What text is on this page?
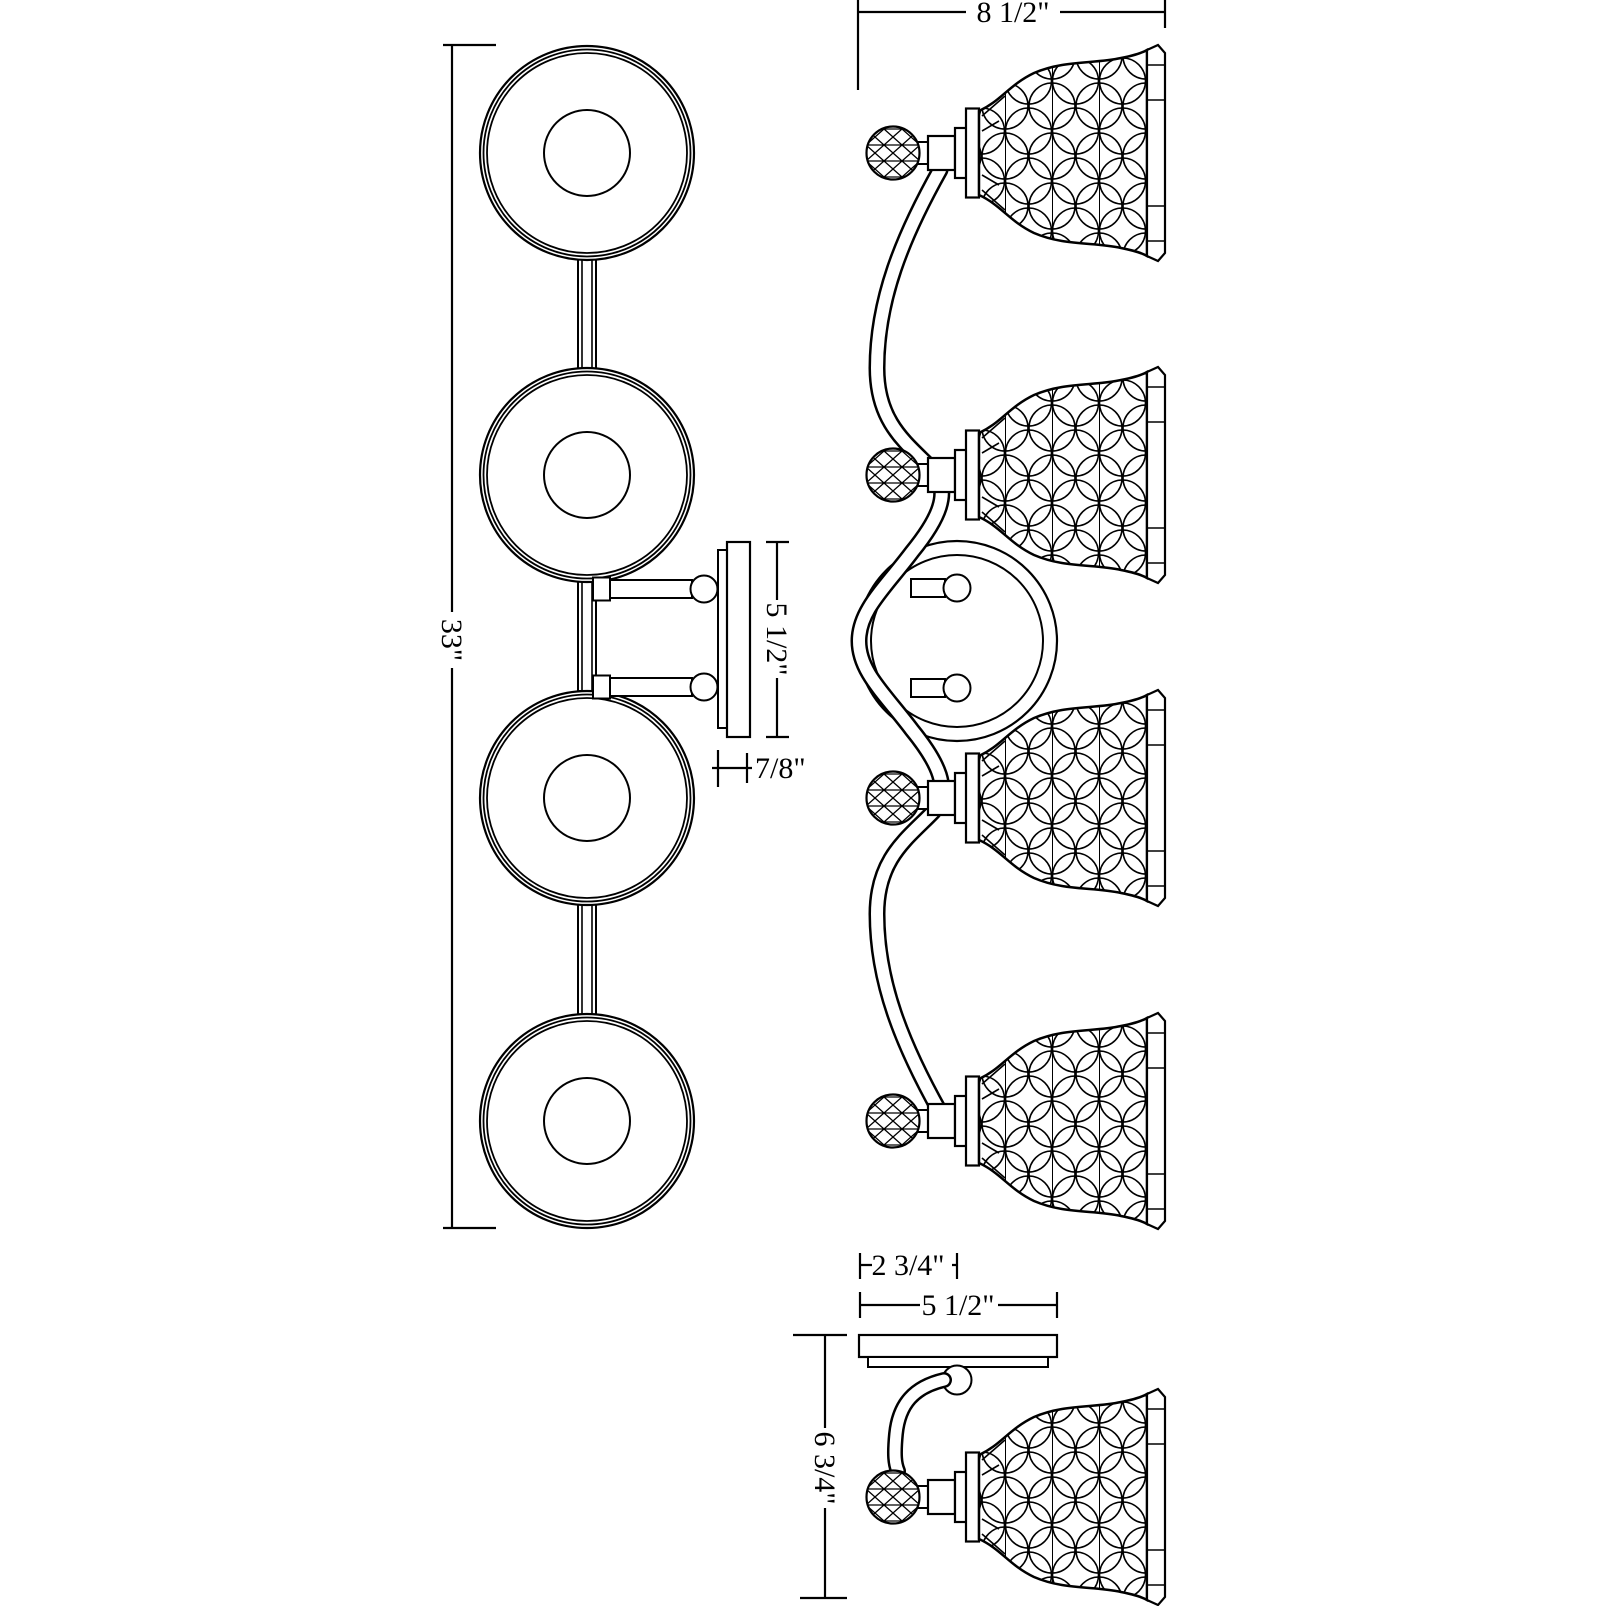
33"	5 1/2"
7/8"
8 1/2"
2 3/4"
5 1/2"
6 3/4"
